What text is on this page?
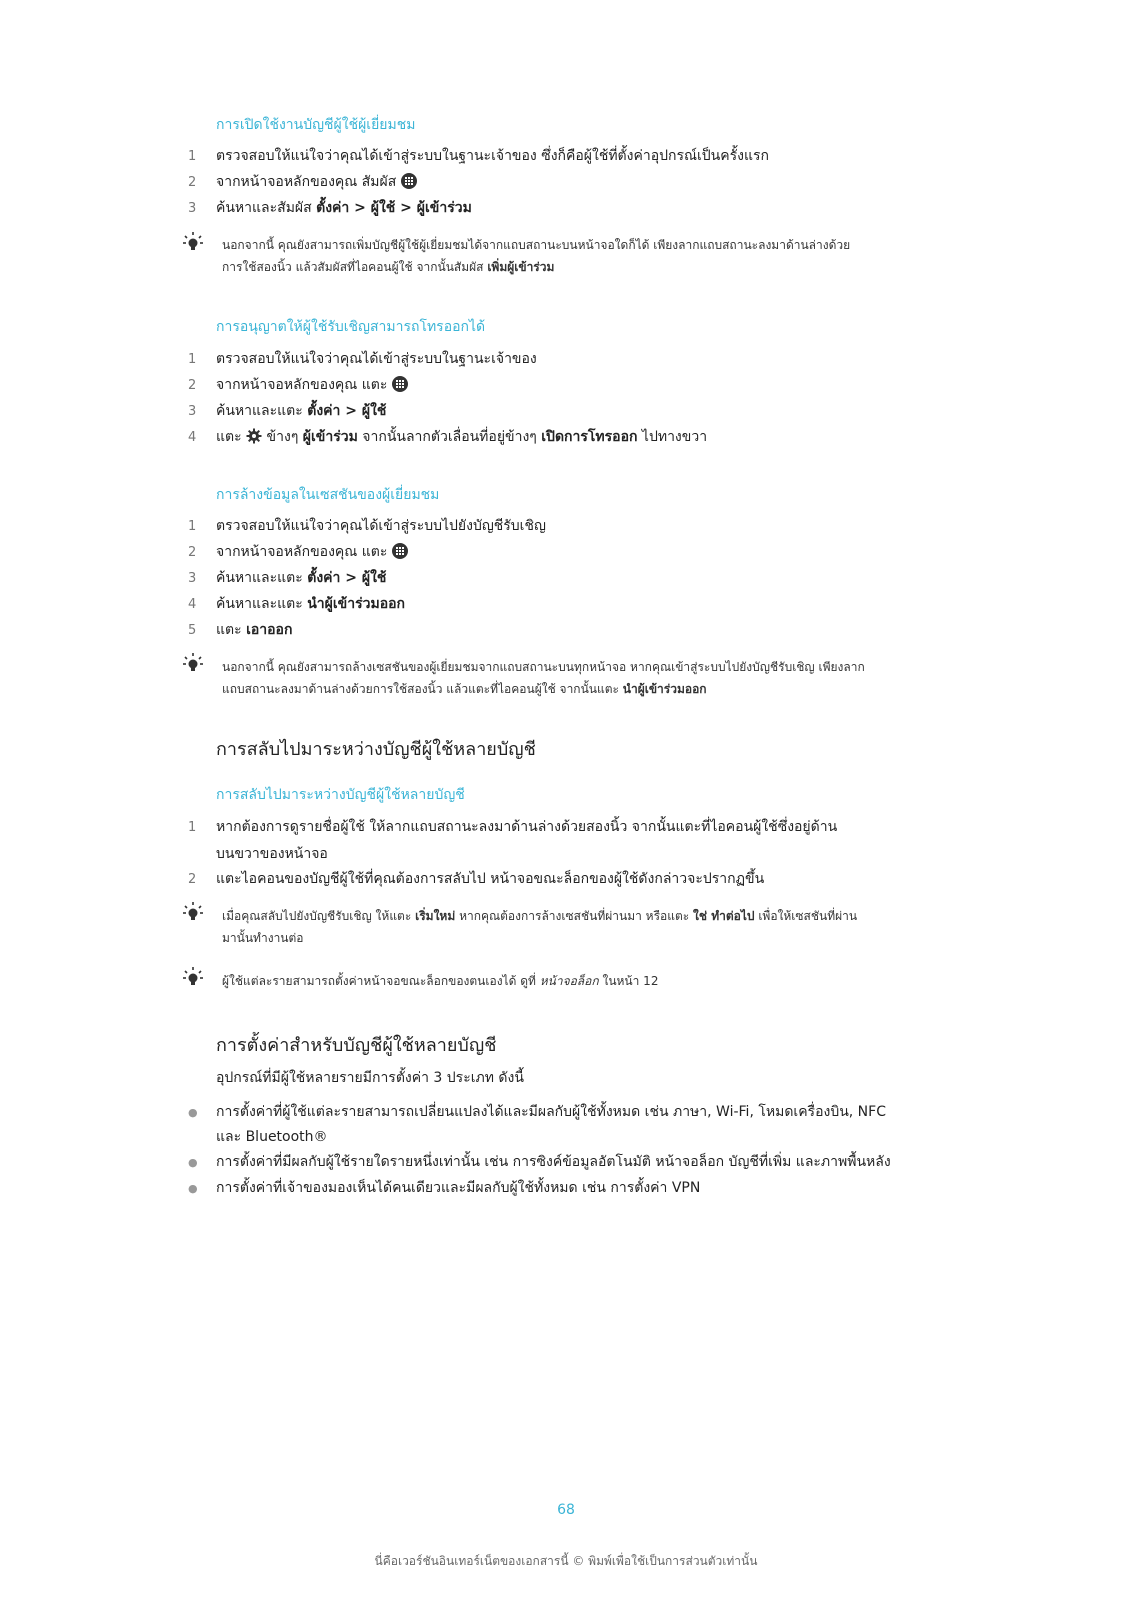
การเปิดใช้งานบัญชีผู้ใช้ผู้เยี่ยมชม
1 ตรวจสอบให้แน่ใจว่าคุณได้เข้าสู่ระบบในฐานะเจ้าของ ซึ่งก็คือผู้ใช้ที่ตั้งค่าอุปกรณ์เป็นครั้งแรก
2 จากหน้าจอหลักของคุณ สัมผัส
3 ค้นหาและสัมผัส ตั้งค่า > ผู้ใช้ > ผู้เข้าร่วม
นอกจากนี้ คุณยังสามารถเพิ่มบัญชีผู้ใช้ผู้เยี่ยมชมได้จากแถบสถานะบนหน้าจอใดก็ได้ เพียงลากแถบสถานะลงมาด้านล่างด้วย
การใช้สองนิ้ว แล้วสัมผัสที่ไอคอนผู้ใช้ จากนั้นสัมผัส เพิ่มผู้เข้าร่วม
การอนุญาตให้ผู้ใช้รับเชิญสามารถโทรออกได้
1 ตรวจสอบให้แน่ใจว่าคุณได้เข้าสู่ระบบในฐานะเจ้าของ
2 จากหน้าจอหลักของคุณ แตะ
3 ค้นหาและแตะ ตั้งค่า > ผู้ใช้
4 แตะ ข้างๆ ผู้เข้าร่วม จากนั้นลากตัวเลื่อนที่อยู่ข้างๆ เปิดการโทรออก ไปทางขวา
การล้างข้อมูลในเซสชันของผู้เยี่ยมชม
1 ตรวจสอบให้แน่ใจว่าคุณได้เข้าสู่ระบบไปยังบัญชีรับเชิญ
2 จากหน้าจอหลักของคุณ แตะ
3 ค้นหาและแตะ ตั้งค่า > ผู้ใช้
4 ค้นหาและแตะ นำผู้เข้าร่วมออก
5 แตะ เอาออก
นอกจากนี้ คุณยังสามารถล้างเซสชันของผู้เยี่ยมชมจากแถบสถานะบนทุกหน้าจอ หากคุณเข้าสู่ระบบไปยังบัญชีรับเชิญ เพียงลาก
แถบสถานะลงมาด้านล่างด้วยการใช้สองนิ้ว แล้วแตะที่ไอคอนผู้ใช้ จากนั้นแตะ นำผู้เข้าร่วมออก
การสลับไปมาระหว่างบัญชีผู้ใช้หลายบัญชี
การสลับไปมาระหว่างบัญชีผู้ใช้หลายบัญชี
1 หากต้องการดูรายชื่อผู้ใช้ ให้ลากแถบสถานะลงมาด้านล่างด้วยสองนิ้ว จากนั้นแตะที่ไอคอนผู้ใช้ซึ่งอยู่ด้าน
บนขวาของหน้าจอ
2 แตะไอคอนของบัญชีผู้ใช้ที่คุณต้องการสลับไป หน้าจอขณะล็อกของผู้ใช้ดังกล่าวจะปรากฏขึ้น
เมื่อคุณสลับไปยังบัญชีรับเชิญ ให้แตะ เริ่มใหม่ หากคุณต้องการล้างเซสชันที่ผ่านมา หรือแตะ ใช่ ทำต่อไป เพื่อให้เซสชันที่ผ่าน
มานั้นทำงานต่อ
ผู้ใช้แต่ละรายสามารถตั้งค่าหน้าจอขณะล็อกของตนเองได้ ดูที่ หน้าจอล็อก ในหน้า 12
การตั้งค่าสำหรับบัญชีผู้ใช้หลายบัญชี
อุปกรณ์ที่มีผู้ใช้หลายรายมีการตั้งค่า 3 ประเภท ดังนี้
● การตั้งค่าที่ผู้ใช้แต่ละรายสามารถเปลี่ยนแปลงได้และมีผลกับผู้ใช้ทั้งหมด เช่น ภาษา, Wi-Fi, โหมดเครื่องบิน, NFC
และ Bluetooth®
● การตั้งค่าที่มีผลกับผู้ใช้รายใดรายหนึ่งเท่านั้น เช่น การซิงค์ข้อมูลอัตโนมัติ หน้าจอล็อก บัญชีที่เพิ่ม และภาพพื้นหลัง
● การตั้งค่าที่เจ้าของมองเห็นได้คนเดียวและมีผลกับผู้ใช้ทั้งหมด เช่น การตั้งค่า VPN
68
นี่คือเวอร์ชันอินเทอร์เน็ตของเอกสารนี้ © พิมพ์เพื่อใช้เป็นการส่วนตัวเท่านั้น
